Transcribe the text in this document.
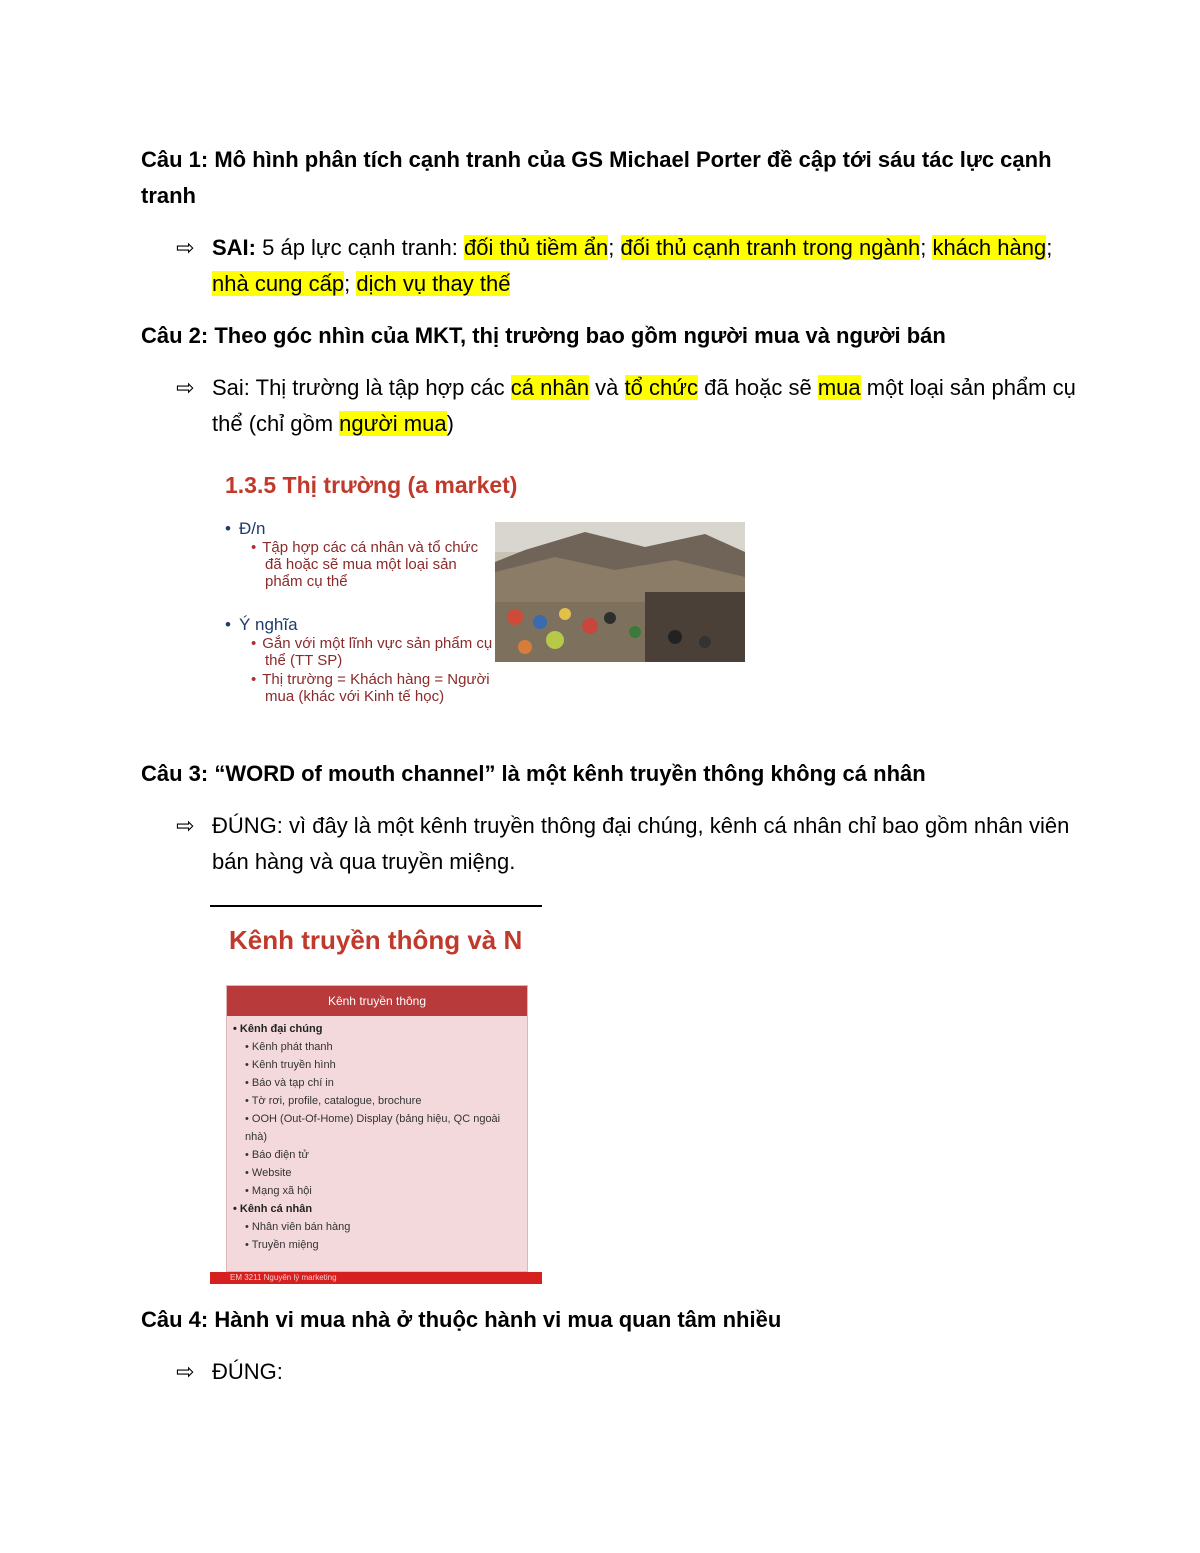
Câu 1: Mô hình phân tích cạnh tranh của GS Michael Porter đề cập tới sáu tác lực cạnh tranh

⇨ SAI: 5 áp lực cạnh tranh: đối thủ tiềm ẩn; đối thủ cạnh tranh trong ngành; khách hàng; nhà cung cấp; dịch vụ thay thế

Câu 2: Theo góc nhìn của MKT, thị trường bao gồm người mua và người bán

⇨ Sai: Thị trường là tập hợp các cá nhân và tổ chức đã hoặc sẽ mua một loại sản phẩm cụ thể (chỉ gồm người mua)
1.3.5 Thị trường (a market)
• Đ/n
• Tập hợp các cá nhân và tổ chức đã hoặc sẽ mua một loại sản phẩm cụ thể
• Ý nghĩa
• Gắn với một lĩnh vực sản phẩm cụ thể (TT SP)
• Thị trường = Khách hàng = Người mua (khác với Kinh tế học)

Câu 3: “WORD of mouth channel” là một kênh truyền thông không cá nhân

⇨ ĐÚNG: vì đây là một kênh truyền thông đại chúng, kênh cá nhân chỉ bao gồm nhân viên bán hàng và qua truyền miệng.
Kênh truyền thông và N
Kênh truyền thông
• Kênh đại chúng
• Kênh phát thanh
• Kênh truyền hình
• Báo và tạp chí in
• Tờ rơi, profile, catalogue, brochure
• OOH (Out-Of-Home) Display (bảng hiệu, QC ngoài nhà)
• Báo điện tử
• Website
• Mạng xã hội
• Kênh cá nhân
• Nhân viên bán hàng
• Truyền miệng
EM 3211 Nguyên lý marketing

Câu 4: Hành vi mua nhà ở thuộc hành vi mua quan tâm nhiều

⇨ ĐÚNG:
